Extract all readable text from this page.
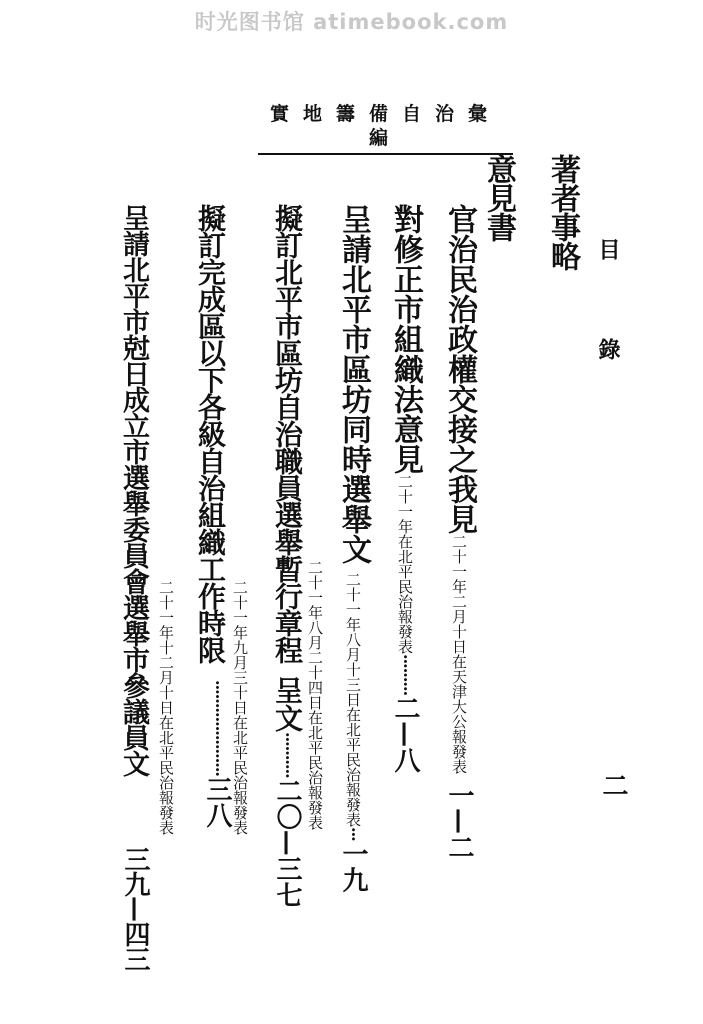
时光图书馆 atimebook.com
實地籌備自治彙編
目　錄
二
著者事略
意見書
官治民治政權交接之我見二十一年二月十日在天津大公報發表一—二
對修正市組織法意見二十一年在北平民治報發表·········二—八
呈請北平市區坊同時選舉文二十一年八月十三日在北平民治報發表···一九
擬訂北平市區坊自治職員選舉暫行章程
呈文··········二〇—三七
二十一年八月二十四日在北平民治報發表
擬訂完成區以下各級自治組織工作時限
二十一年九月三十日在北平民治報發表
·····················三八
呈請北平市尅日成立市選舉委員會選舉市參議員文 二十一年十二月十日在北平民治報發表
三九—四三
